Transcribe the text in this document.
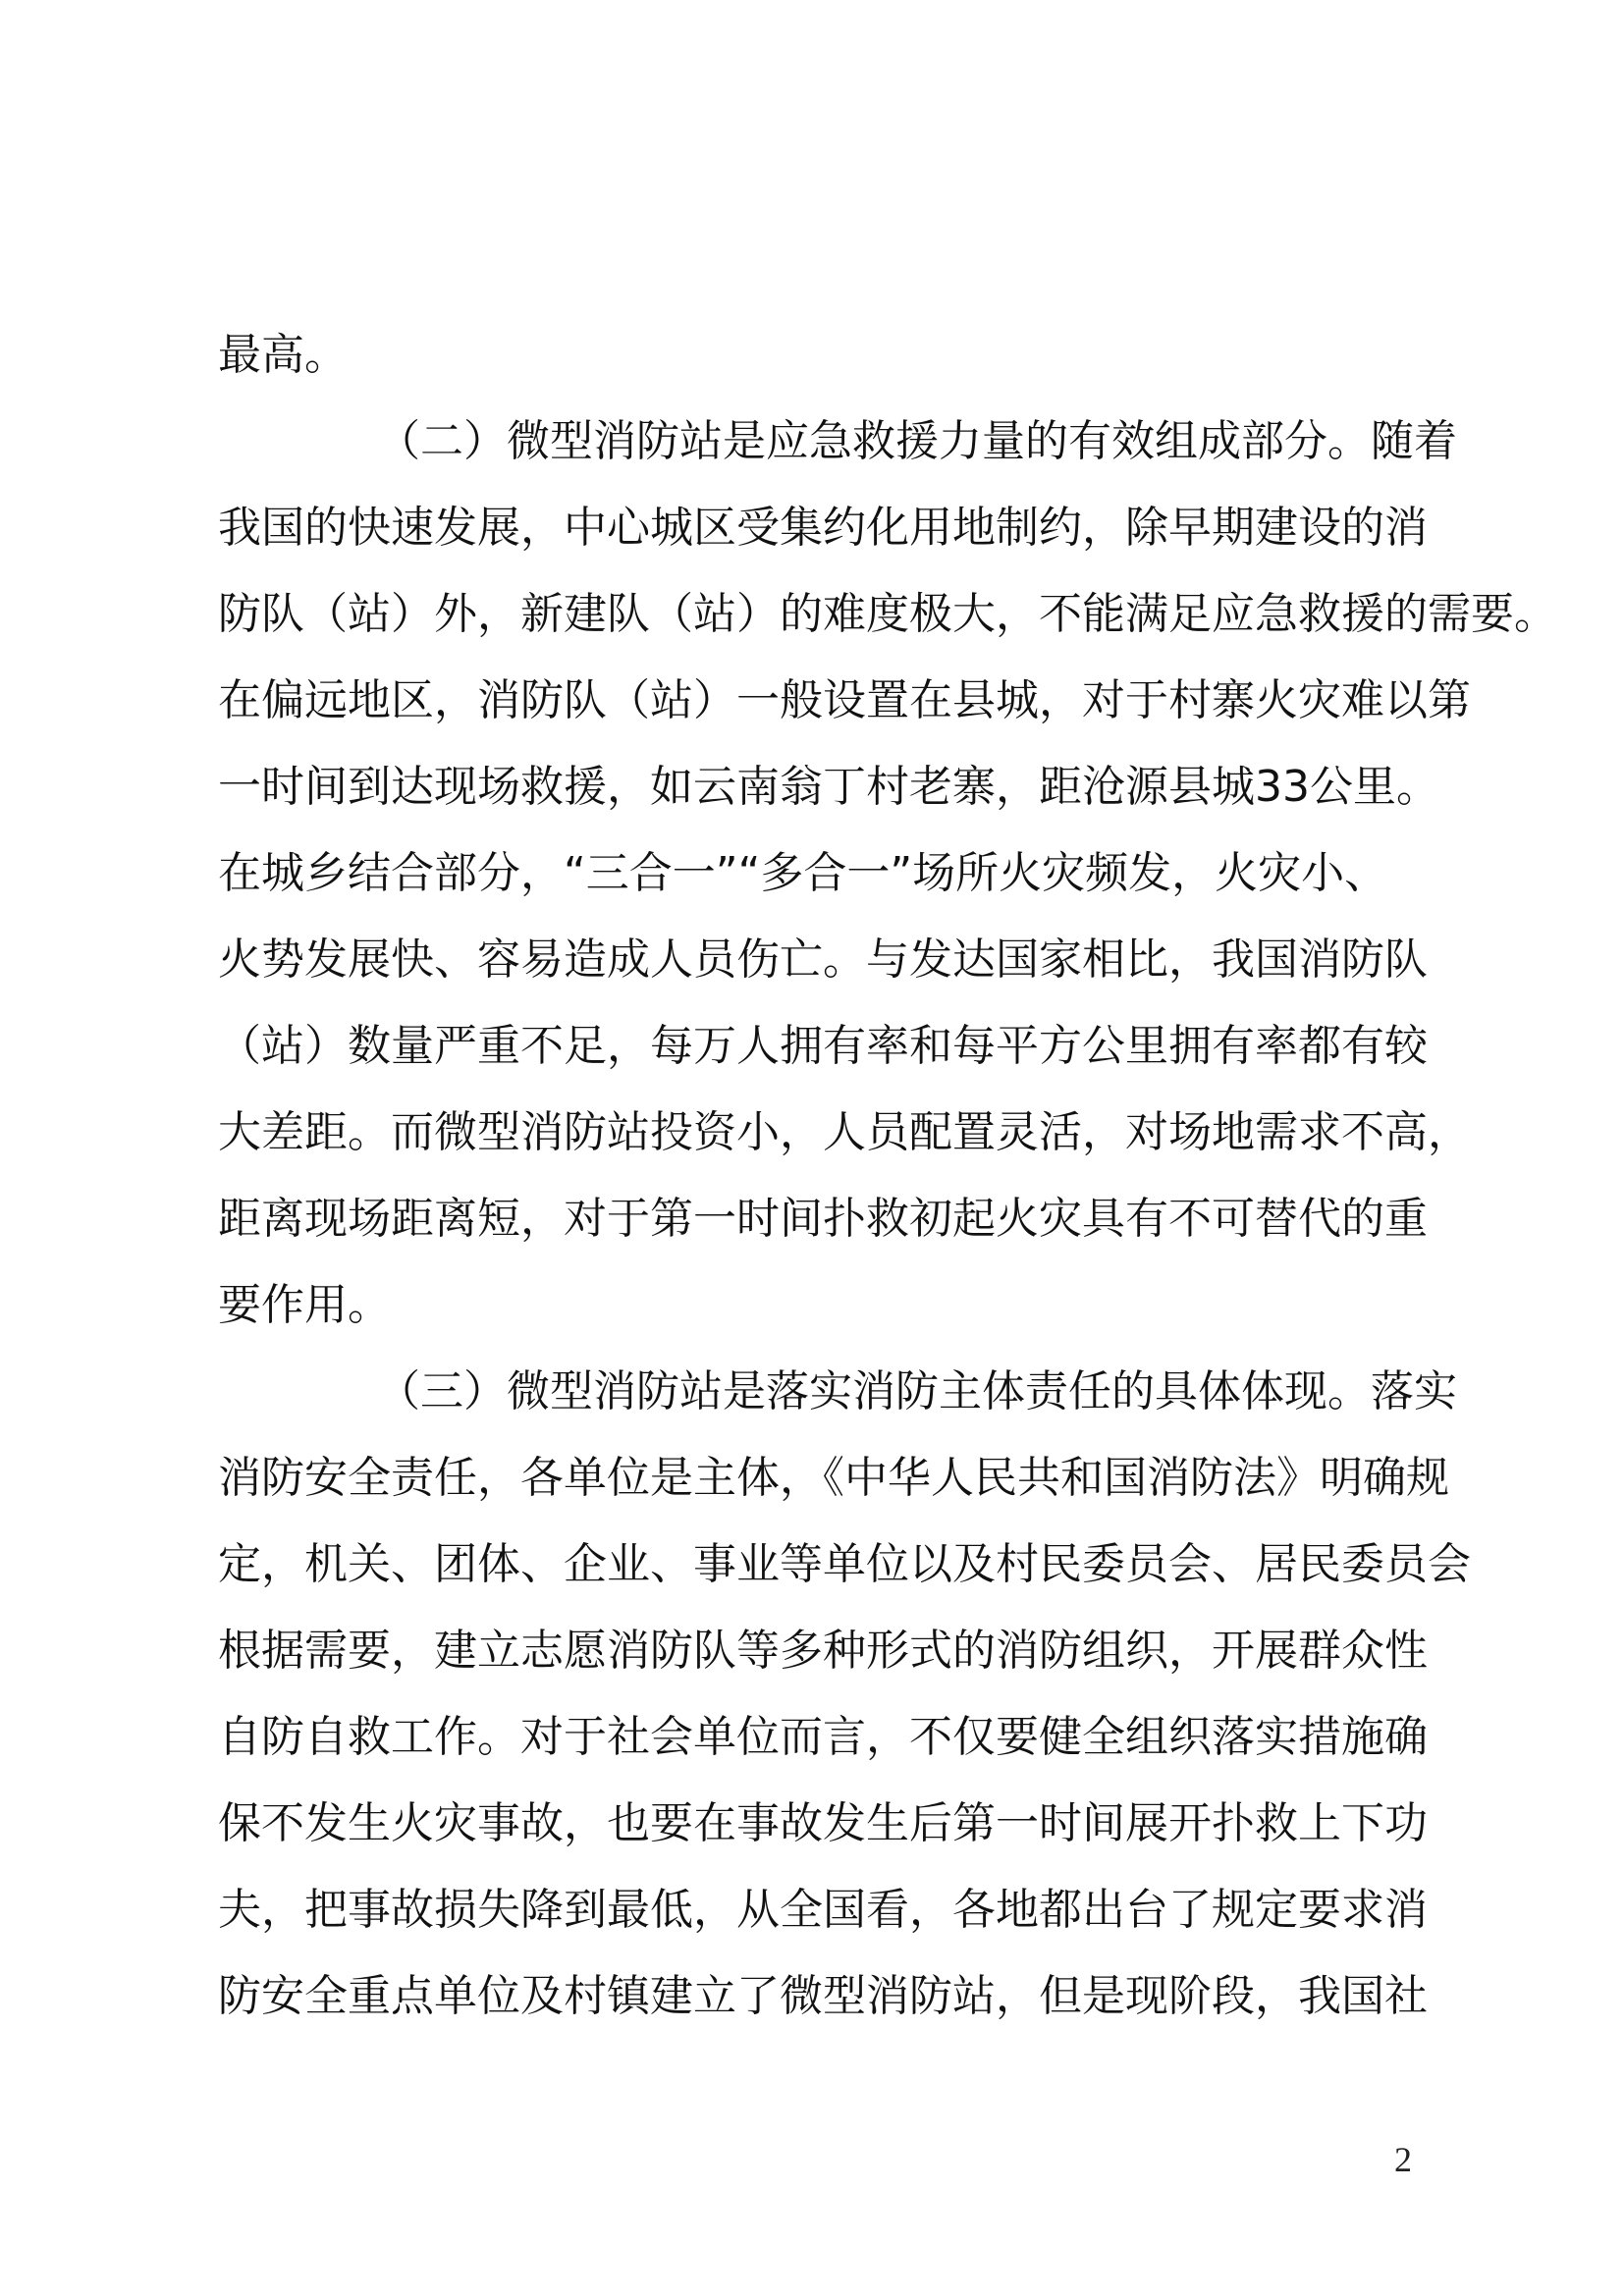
最高。
（二）微型消防站是应急救援力量的有效组成部分。随着
我国的快速发展，中心城区受集约化用地制约，除早期建设的消
防队（站）外，新建队（站）的难度极大，不能满足应急救援的需要。
在偏远地区，消防队（站）一般设置在县城，对于村寨火灾难以第
一时间到达现场救援，如云南翁丁村老寨，距沧源县城33公里。
在城乡结合部分，“三合一”“多合一”场所火灾频发，火灾小、
火势发展快、容易造成人员伤亡。与发达国家相比，我国消防队
（站）数量严重不足，每万人拥有率和每平方公里拥有率都有较
大差距。而微型消防站投资小，人员配置灵活，对场地需求不高，
距离现场距离短，对于第一时间扑救初起火灾具有不可替代的重
要作用。
（三）微型消防站是落实消防主体责任的具体体现。落实
消防安全责任，各单位是主体，《中华人民共和国消防法》明确规
定，机关、团体、企业、事业等单位以及村民委员会、居民委员会
根据需要，建立志愿消防队等多种形式的消防组织，开展群众性
自防自救工作。对于社会单位而言，不仅要健全组织落实措施确
保不发生火灾事故，也要在事故发生后第一时间展开扑救上下功
夫，把事故损失降到最低，从全国看，各地都出台了规定要求消
防安全重点单位及村镇建立了微型消防站，但是现阶段，我国社
2
